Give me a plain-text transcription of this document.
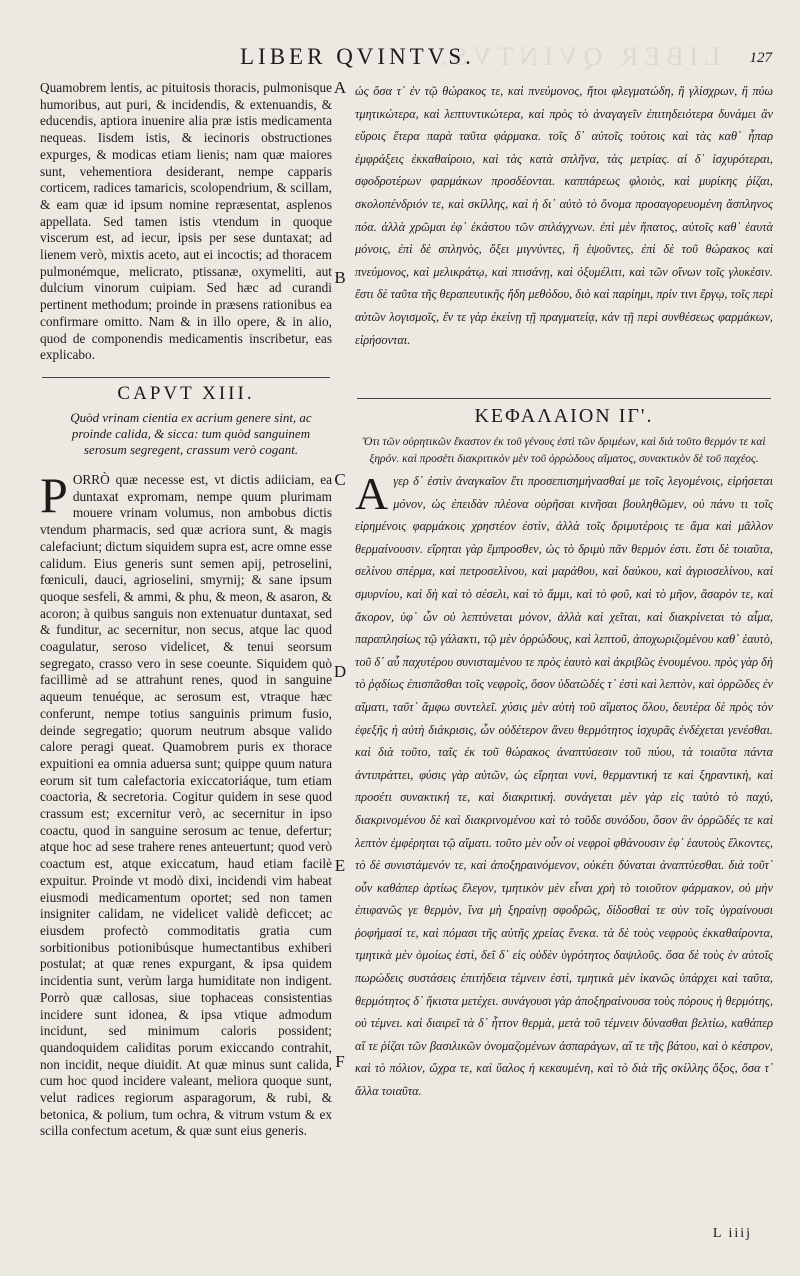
LIBER QVINTVS.
LIBER QVINTVS.	127
A
B
C
D
E
F

Quamobrem lentis, ac pituitosis thoracis, pulmonisque humoribus, aut puri, & incidendis, & extenuandis, & educendis, aptiora inuenire alia præ istis medicamenta nequeas. Iisdem istis, & iecinoris obstructiones expurges, & modicas etiam lienis; nam quæ maiores sunt, vehementiora desiderant, nempe capparis corticem, radices tamaricis, scolopendrium, & scillam, & eam quæ id ipsum nomine repræsentat, asplenos appellata. Sed tamen istis vtendum in quoque viscerum est, ad iecur, ipsis per sese duntaxat; ad lienem verò, mixtis aceto, aut ei incoctis; ad thoracem pulmonémque, melicrato, ptissanæ, oxymeliti, aut dulcium vinorum cuipiam. Sed hæc ad curandi pertinent methodum; proinde in præsens rationibus ea confirmare omitto. Nam & in illo opere, & in alio, quod de componendis medicamentis inscribetur, eas explicabo.

ὡς ὅσα τ᾽ ἐν τῷ θώρακος τε, καὶ πνεύμονος, ἤτοι φλεγματώδη, ἢ γλίσχρων, ἢ πύω τμητικώτερα, καὶ λεπτυντικώτερα, καὶ πρὸς τὸ ἀναγαγεῖν ἐπιτηδειότερα δυνάμει ἂν εὕροις ἕτερα παρὰ ταῦτα φάρμακα. τοῖς δ᾽ αὐτοῖς τούτοις καὶ τὰς καθ᾽ ἧπαρ ἐμφράξεις ἐκκαθαίροιο, καὶ τὰς κατὰ σπλῆνα, τὰς μετρίας. αἱ δ᾽ ἰσχυρότεραι, σφοδροτέρων φαρμάκων προσδέονται. καππάρεως φλοιὸς, καὶ μυρίκης ῥίζαι, σκολοπένδριόν τε, καὶ σκίλλης, καὶ ἡ δι᾽ αὐτὸ τὸ ὄνομα προσαγορευομένη ἄσπληνος πόα. ἀλλὰ χρῶμαι ἐφ᾽ ἑκάστου τῶν σπλάγχνων. ἐπὶ μὲν ἥπατος, αὐτοῖς καθ᾽ ἑαυτὰ μόνοις, ἐπὶ δὲ σπληνὸς, ὄξει μιγνύντες, ἢ ἑψοῦντες, ἐπὶ δὲ τοῦ θώρακος καὶ πνεύμονος, καὶ μελικράτῳ, καὶ πτισάνῃ, καὶ ὀξυμέλιτι, καὶ τῶν οἴνων τοῖς γλυκέσιν. ἔστι δὲ ταῦτα τῆς θεραπευτικῆς ἤδη μεθόδου, διὸ καὶ παρίημι, πρίν τινι ἔργῳ, τοῖς περὶ αὐτῶν λογισμοῖς, ἔν τε γὰρ ἐκείνῃ τῇ πραγματείᾳ, κἀν τῇ περὶ συνθέσεως φαρμάκων, εἰρήσονται.

CAPVT XIII.
Quòd vrinam cientia ex acrium genere sint, ac proinde calida, & sicca: tum quòd sanguinem serosum segregent, crassum verò cogant.
ΚΕΦΑΛΑΙΟΝ ΙΓ'.
Ὅτι τῶν οὐρητικῶν ἕκαστον ἐκ τοῦ γένους ἐστὶ τῶν δριμέων, καὶ διὰ τοῦτο θερμόν τε καὶ ξηρόν. καὶ προσέτι διακριτικὸν μὲν τοῦ ὀρρώδους αἵματος, συνακτικὸν δὲ τοῦ παχέος.

PORRÒ quæ necesse est, vt dictis adiiciam, ea duntaxat expromam, nempe quum plurimam mouere vrinam volumus, non ambobus dictis vtendum pharmacis, sed quæ acriora sunt, & magis calefaciunt; dictum siquidem supra est, acre omne esse calidum. Eius generis sunt semen apij, petroselini, fœniculi, dauci, agrioselini, smyrnij; & sane ipsum quoque sesfeli, & ammi, & phu, & meon, & asaron, & acoron; à quibus sanguis non extenuatur duntaxat, sed & funditur, ac secernitur, non secus, atque lac quod coagulatur, seroso videlicet, & tenui seorsum segregato, crasso vero in sese coeunte. Siquidem quò facillimè ad se attrahunt renes, quod in sanguine aqueum tenuéque, ac serosum est, vtraque hæc conferunt, nempe totius sanguinis primum fusio, deinde segregatio; quorum neutrum absque valido calore peragi queat. Quamobrem puris ex thorace expuitioni ea omnia aduersa sunt; quippe quum natura eorum sit tum calefactoria exiccatoriáque, tum etiam coactoria, & secretoria. Cogitur quidem in sese quod crassum est; excernitur verò, ac secernitur in ipso coactu, quod in sanguine serosum ac tenue, defertur; atque hoc ad sese trahere renes anteuertunt; quod verò coactum est, atque exiccatum, haud etiam facilè expuitur. Proinde vt modò dixi, incidendi vim habeat eiusmodi medicamentum oportet; sed non tamen insigniter calidam, ne videlicet validè deficcet; ac eiusdem profectò commoditatis gratia cum sorbitionibus potionibúsque humectantibus exhiberi postulat; at quæ renes expurgant, & ipsa quidem incidentia sunt, verùm larga humiditate non indigent. Porrò quæ callosas, siue tophaceas consistentias incidere sunt idonea, & ipsa vtique admodum incidunt, sed minimum caloris possident; quandoquidem caliditas porum exiccando contrahit, non incidit, neque diuidit. At quæ minus sunt calida, cum hoc quod incidere valeant, meliora quoque sunt, velut radices regiorum asparagorum, & rubi, & betonica, & polium, tum ochra, & vitrum vstum & ex scilla confectum acetum, & quæ sunt eius generis.

Αγερ δ᾽ ἐστὶν ἀναγκαῖον ἔτι προσεπισημήνασθαί με τοῖς λεγομένοις, εἰρήσεται μόνον, ὡς ἐπειδὰν πλέονα οὐρῆσαι κινῆσαι βουληθῶμεν, οὐ πάνυ τι τοῖς εἰρημένοις φαρμάκοις χρηστέον ἐστὶν, ἀλλὰ τοῖς δριμυτέροις τε ἅμα καὶ μᾶλλον θερμαίνουσιν. εἴρηται γὰρ ἔμπροσθεν, ὡς τὸ δριμὺ πᾶν θερμόν ἐστι. ἔστι δὲ τοιαῦτα, σελίνου σπέρμα, καὶ πετροσελίνου, καὶ μαράθου, καὶ δαύκου, καὶ ἀγριοσελίνου, καὶ σμυρνίου, καὶ δὴ καὶ τὸ σέσελι, καὶ τὸ ἄμμι, καὶ τὸ φοῦ, καὶ τὸ μῆον, ἄσαρόν τε, καὶ ἄκορον, ὑφ᾽ ὧν οὐ λεπτύνεται μόνον, ἀλλὰ καὶ χεῖται, καὶ διακρίνεται τὸ αἷμα, παραπλησίως τῷ γάλακτι, τῷ μὲν ὀρρώδους, καὶ λεπτοῦ, ἀποχωριζομένου καθ᾽ ἑαυτὸ, τοῦ δ᾽ αὖ παχυτέρου συνισταμένου τε πρὸς ἑαυτὸ καὶ ἀκριβῶς ἑνουμένου. πρὸς γὰρ δὴ τὸ ῥᾳδίως ἐπισπᾶσθαι τοῖς νεφροῖς, ὅσον ὑδατῶδές τ᾽ ἐστὶ καὶ λεπτὸν, καὶ ὀρρῶδες ἐν αἵματι, ταῦτ᾽ ἄμφω συντελεῖ. χύσις μὲν αὐτὴ τοῦ αἵματος ὅλου, δευτέρα δὲ πρὸς τὸν ἐφεξῆς ἡ αὐτὴ διάκρισις, ὧν οὐδέτερον ἄνευ θερμότητος ἰσχυρᾶς ἐνδέχεται γενέσθαι. καὶ διὰ τοῦτο, ταῖς ἐκ τοῦ θώρακος ἀναπτύσεσιν τοῦ πύου, τὰ τοιαῦτα πάντα ἀντιπράττει, φύσις γὰρ αὐτῶν, ὡς εἴρηται νυνὶ, θερμαντική τε καὶ ξηραντικὴ, καὶ προσέτι συνακτική τε, καὶ διακριτική. συνάγεται μὲν γὰρ εἰς ταὐτὸ τὸ παχύ, διακρινομένου δὲ καὶ διακρινομένου καὶ τὸ τοῦδε συνόδου, ὅσον ἂν ὀρρῶδές τε καὶ λεπτὸν ἐμφέρηται τῷ αἵματι. τοῦτο μὲν οὖν οἱ νεφροὶ φθάνουσιν ἐφ᾽ ἑαυτοὺς ἕλκοντες, τὸ δὲ συνιστάμενόν τε, καὶ ἀποξηραινόμενον, οὐκέτι δύναται ἀναπτύεσθαι. διὰ τοῦτ᾽ οὖν καθάπερ ἀρτίως ἔλεγον, τμητικὸν μὲν εἶναι χρὴ τὸ τοιοῦτον φάρμακον, οὐ μὴν ἐπιφανῶς γε θερμὸν, ἵνα μὴ ξηραίνῃ σφοδρῶς, δίδοσθαί τε σὺν τοῖς ὑγραίνουσι ῥοφήμασί τε, καὶ πόμασι τῆς αὐτῆς χρείας ἕνεκα. τὰ δὲ τοὺς νεφροὺς ἐκκαθαίροντα, τμητικὰ μὲν ὁμοίως ἐστὶ, δεῖ δ᾽ εἰς οὐδὲν ὑγρότητος δαψιλοῦς. ὅσα δὲ τοὺς ἐν αὐτοῖς πωρώδεις συστάσεις ἐπιτήδεια τέμνειν ἐστὶ, τμητικὰ μὲν ἱκανῶς ὑπάρχει καὶ ταῦτα, θερμότητος δ᾽ ἥκιστα μετέχει. συνάγουσι γὰρ ἀποξηραίνουσα τοὺς πόρους ἡ θερμότης, οὐ τέμνει. καὶ διαιρεῖ τὰ δ᾽ ἧττον θερμὰ, μετὰ τοῦ τέμνειν δύνασθαι βελτίω, καθάπερ αἵ τε ῥίζαι τῶν βασιλικῶν ὀνομαζομένων ἀσπαράγων, αἵ τε τῆς βάτου, καὶ ὁ κέστρον, καὶ τὸ πόλιον, ὤχρα τε, καὶ ὕαλος ἡ κεκαυμένη, καὶ τὸ διὰ τῆς σκίλλης ὄξος, ὅσα τ᾽ ἄλλα τοιαῦτα.

L iiij
